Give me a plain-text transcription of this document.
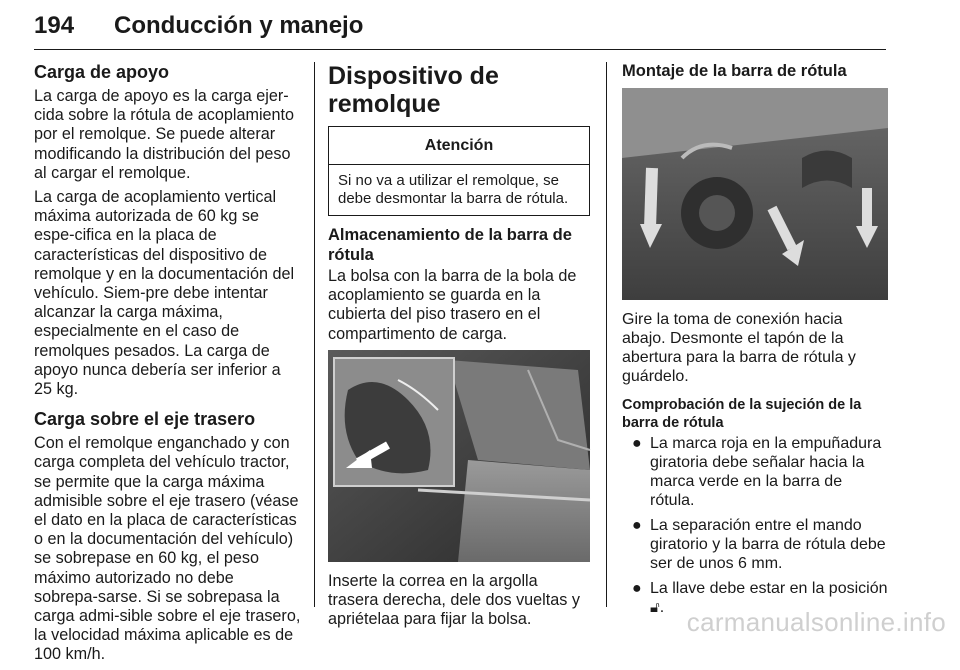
194 Conducción y manejo
Carga de apoyo

La carga de apoyo es la carga ejer-cida sobre la rótula de acoplamiento por el remolque. Se puede alterar modificando la distribución del peso al cargar el remolque.

La carga de acoplamiento vertical máxima autorizada de 60 kg se espe-cifica en la placa de características del dispositivo de remolque y en la documentación del vehículo. Siem-pre debe intentar alcanzar la carga máxima, especialmente en el caso de remolques pesados. La carga de apoyo nunca debería ser inferior a 25 kg.

Carga sobre el eje trasero

Con el remolque enganchado y con carga completa del vehículo tractor, se permite que la carga máxima admisible sobre el eje trasero (véase el dato en la placa de características o en la documentación del vehículo) se sobrepase en 60 kg, el peso máximo autorizado no debe sobrepa-sarse. Si se sobrepasa la carga admi-sible sobre el eje trasero, la velocidad máxima aplicable es de 100 km/h.

Dispositivo de remolque
Atención
Si no va a utilizar el remolque, se debe desmontar la barra de rótula.
Almacenamiento de la barra de rótula

La bolsa con la barra de la bola de acoplamiento se guarda en la cubierta del piso trasero en el compartimento de carga.

Inserte la correa en la argolla trasera derecha, dele dos vueltas y apriételaa para fijar la bolsa.

Montaje de la barra de rótula

Gire la toma de conexión hacia abajo. Desmonte el tapón de la abertura para la barra de rótula y guárdelo.

Comprobación de la sujeción de la barra de rótula
● La marca roja en la empuñadura giratoria debe señalar hacia la marca verde en la barra de rótula.
● La separación entre el mando giratorio y la barra de rótula debe ser de unos 6 mm.
● La llave debe estar en la posición 🔓︎. carmanualsonline.info
